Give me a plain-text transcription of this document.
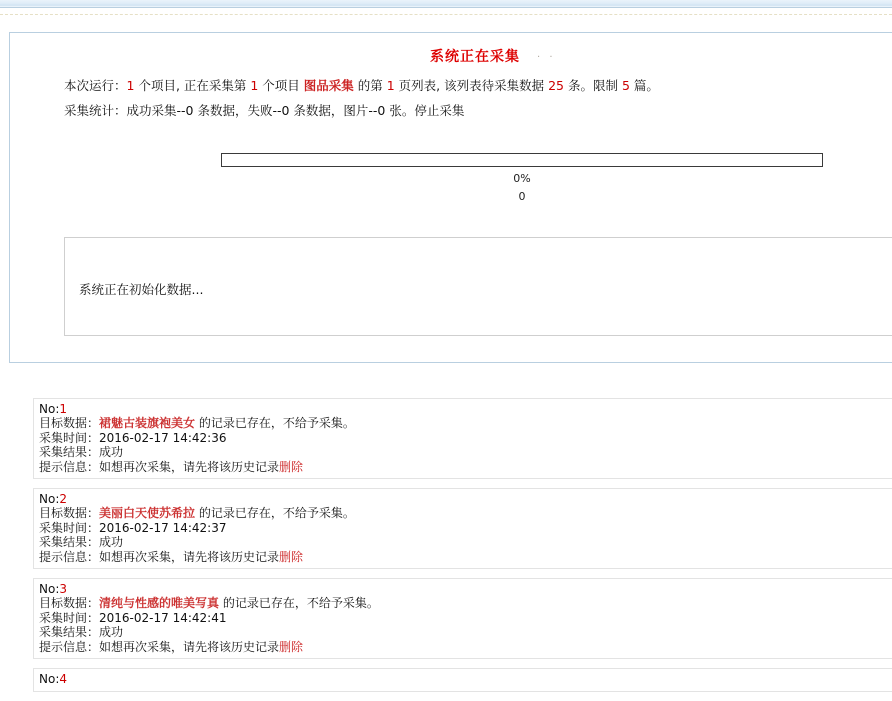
系统正在采集 . .
本次运行：1 个项目, 正在采集第 1 个项目 图品采集 的第 1 页列表, 该列表待采集数据 25 条。限制 5 篇。
采集统计：成功采集--0 条数据，失败--0 条数据，图片--0 张。停止采集
0%
0
系统正在初始化数据...
No:1
目标数据：裙魅古装旗袍美女 的记录已存在，不给予采集。
采集时间：2016-02-17 14:42:36
采集结果：成功
提示信息：如想再次采集，请先将该历史记录删除
No:2
目标数据：美丽白天使苏希拉 的记录已存在，不给予采集。
采集时间：2016-02-17 14:42:37
采集结果：成功
提示信息：如想再次采集，请先将该历史记录删除
No:3
目标数据：清纯与性感的唯美写真 的记录已存在，不给予采集。
采集时间：2016-02-17 14:42:41
采集结果：成功
提示信息：如想再次采集，请先将该历史记录删除
No:4
